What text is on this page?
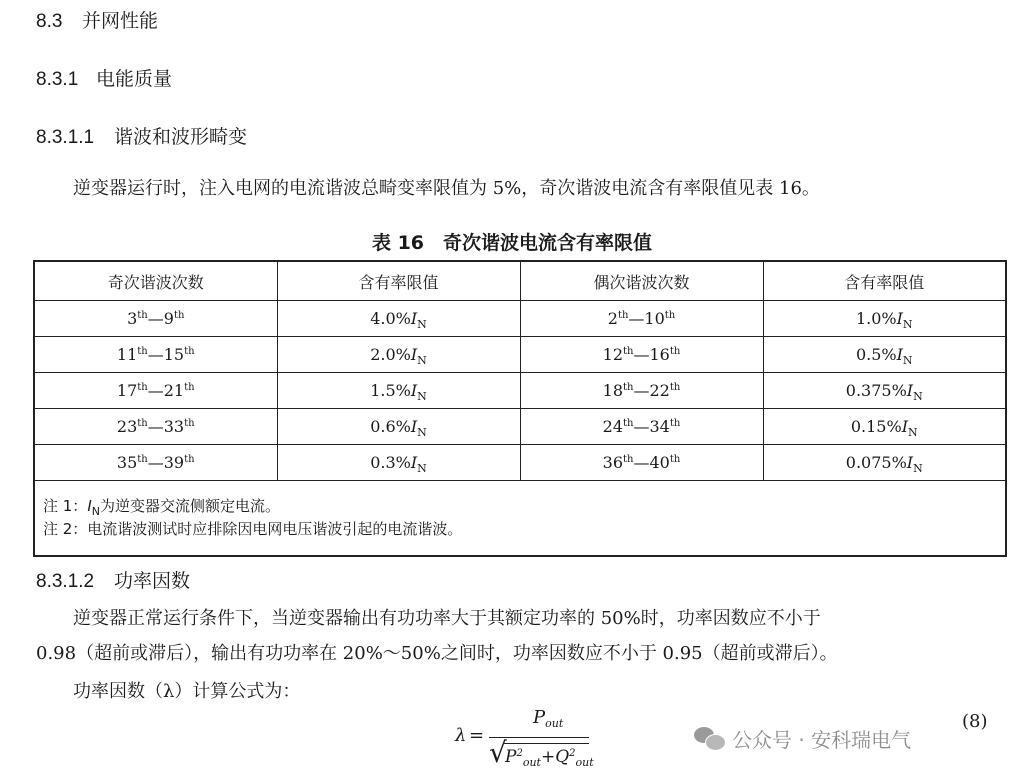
8.3 并网性能
8.3.1 电能质量
8.3.1.1 谐波和波形畸变
逆变器运行时，注入电网的电流谐波总畸变率限值为 5%，奇次谐波电流含有率限值见表 16。
表 16　奇次谐波电流含有率限值
奇次谐波次数	含有率限值	偶次谐波次数	含有率限值
3th—9th	$4.0\%I_N$	2th—10th	$1.0\%I_N$
11th—15th	$2.0\%I_N$	12th—16th	$0.5\%I_N$
17th—21th	$1.5\%I_N$	18th—22th	$0.375\%I_N$
23th—33th	$0.6\%I_N$	24th—34th	$0.15\%I_N$
35th—39th	$0.3\%I_N$	36th—40th	$0.075\%I_N$

注 1：$I_N$为逆变器交流侧额定电流。
注 2：电流谐波测试时应排除因电网电压谐波引起的电流谐波。			
8.3.1.2 功率因数
逆变器正常运行条件下，当逆变器输出有功功率大于其额定功率的 50%时，功率因数应不小于
0.98（超前或滞后），输出有功功率在 20%～50%之间时，功率因数应不小于 0.95（超前或滞后）。
功率因数（λ）计算公式为：
λ =
$P_{out}$
√
$P^2_{out}+Q^2_{out}$
(8)
公众号 · 安科瑞电气
